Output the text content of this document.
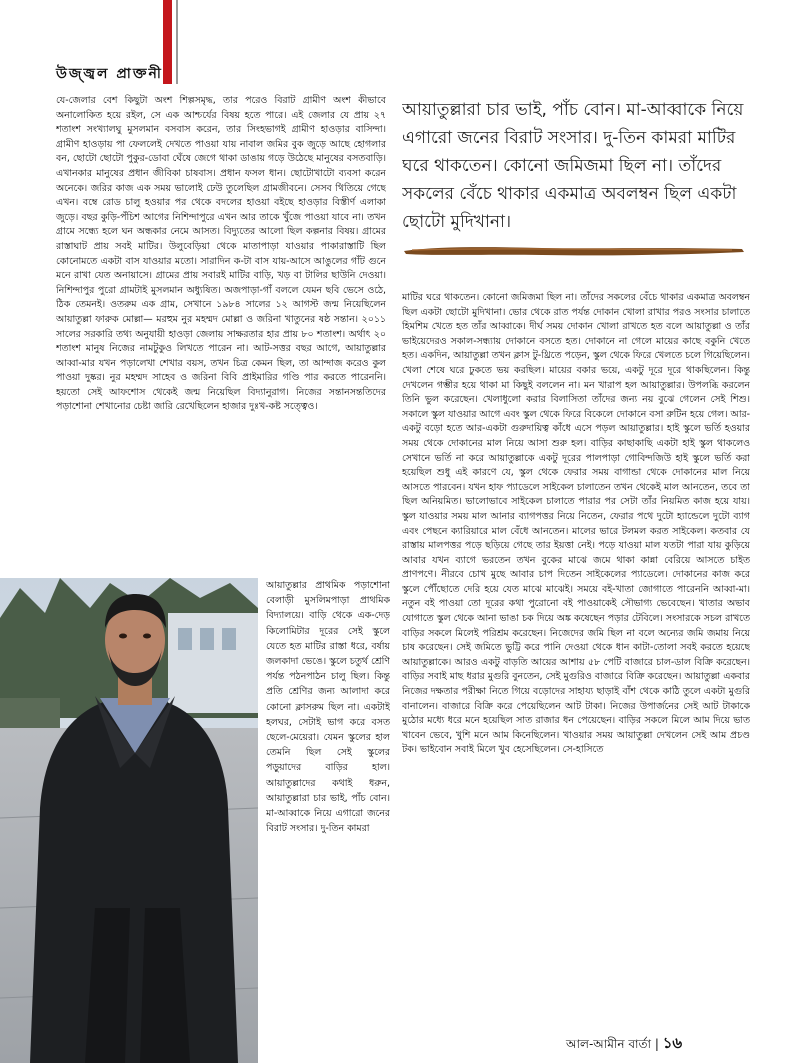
উজ্জ্বল প্রাক্তনী

যে-জেলার বেশ কিছুটা অংশ শিল্পসমৃদ্ধ, তার পরেও বিরাট গ্রামীণ অংশ কীভাবে অনালোকিত হয়ে রইল, সে এক আশ্চর্যের বিষয় হতে পারে। এই জেলার যে প্রায় ২৭ শতাংশ সংখ্যালঘু মুসলমান বসবাস করেন, তার সিংহভাগই গ্রামীণ হাওড়ার বাসিন্দা। গ্রামীণ হাওড়ায় পা ফেললেই দেখতে পাওয়া যায় নাবাল জমির বুক জুড়ে আছে হোগলার বন, ছোটো ছোটো পুকুর-ডোবা ঘেঁষে জেগে থাকা ডাঙায় গড়ে উঠেছে মানুষের বসতবাড়ি। এখানকার মানুষের প্রধান জীবিকা চাষবাস। প্রধান ফসল ধান। ছোটোখাটো ব্যবসা করেন অনেকে। জরির কাজ এক সময় ভালোই ঢেউ তুলেছিল গ্রামজীবনে। সেসব থিতিয়ে গেছে এখন। বম্বে রোড চালু হওয়ার পর থেকে বদলের হাওয়া বইছে হাওড়ার বিস্তীর্ণ এলাকা জুড়ে। বছর কুড়ি-পঁচিশ আগের নিশিন্দাপুরে এখন আর তাকে খুঁজে পাওয়া যাবে না। তখন গ্রামে সন্ধ্যে হলে ঘন অন্ধকার নেমে আসত। বিদ্যুতের আলো ছিল কল্পনার বিষয়। গ্রামের রাস্তাঘাট প্রায় সবই মাটির। উলুবেড়িয়া থেকে মাতাপাড়া যাওয়ার পাকারাস্তাটি ছিল কোনোমতে একটা বাস যাওয়ার মতো। সারাদিন ক-টা বাস যায়-আসে আঙুলের গাঁট গুনে মনে রাখা যেত অনায়াসে। গ্রামের প্রায় সবারই মাটির বাড়ি, খড় বা টালির ছাউনি দেওয়া। নিশিন্দাপুর পুরো গ্রামটাই মুসলমান অধ্যুষিত। অজপাড়া-গাঁ বললে যেমন ছবি ভেসে ওঠে, ঠিক তেমনই। ওতরুম এক গ্রাম, সেখানে ১৯৮৪ সালের ১২ আগস্ট জন্ম নিয়েছিলেন আয়াতুল্লা ফারুক মোল্লা— মরহুম নুর মহম্মদ মোল্লা ও জরিনা খাতুনের ষষ্ঠ সন্তান। ২০১১ সালের সরকারি তথ্য অনুযায়ী হাওড়া জেলায় সাক্ষরতার হার প্রায় ৮০ শতাংশ। অর্থাৎ ২০ শতাংশ মানুষ নিজের নামটুকুও লিখতে পারেন না। আট-সত্তর বছর আগে, আয়াতুল্লার আব্বা-মার যখন পড়ালেখা শেখার বয়স, তখন চিত্র কেমন ছিল, তা আন্দাজ করেও কুল পাওয়া দুষ্কর। নুর মহম্মদ সাহেব ও জরিনা বিবি প্রাইমারির গণ্ডি পার করতে পারেননি। হয়তো সেই আফশোস থেকেই জন্ম নিয়েছিল বিদ্যানুরাগ। নিজের সন্তানসন্ততিদের পড়াশোনা শেখানোর চেষ্টা জারি রেখেছিলেন হাজার দুঃখ-কষ্ট সত্ত্বেও।

আয়াতুল্লারা চার ভাই, পাঁচ বোন। মা-আব্বাকে নিয়ে এগারো জনের বিরাট সংসার। দু-তিন কামরা মাটির ঘরে থাকতেন। কোনো জমিজমা ছিল না। তাঁদের সকলের বেঁচে থাকার একমাত্র অবলম্বন ছিল একটা ছোটো মুদিখানা।

মাটির ঘরে থাকতেন। কোনো জমিজমা ছিল না। তাঁদের সকলের বেঁচে থাকার একমাত্র অবলম্বন ছিল একটা ছোটো মুদিখানা। ভোর থেকে রাত পর্যন্ত দোকান খোলা রাখার পরও সংসার চালাতে হিমশিম খেতে হত তাঁর আব্বাকে। দীর্ঘ সময় দোকান খোলা রাখতে হত বলে আয়াতুল্লা ও তাঁর ভাইয়েদেরও সকাল-সন্ধ্যায় দোকানে বসতে হত। দোকানে না গেলে মায়ের কাছে বকুনি খেতে হত। একদিন, আয়াতুল্লা তখন ক্লাস টু-থ্রিতে পড়েন, স্কুল থেকে ফিরে খেলতে চলে গিয়েছিলেন। খেলা শেষে ঘরে ঢুকতে ভয় করছিল। মায়ের বকার ভয়ে, একটু দূরে দূরে থাকছিলেন। কিন্তু দেখলেন গম্ভীর হয়ে থাকা মা কিছুই বললেন না। মন খারাপ হল আয়াতুল্লার। উপলব্ধি করলেন তিনি ভুল করেছেন। খেলাধুলো করার বিলাসিতা তাঁদের জন্য নয় বুঝে গেলেন সেই শিশু। সকালে স্কুল যাওয়ার আগে এবং স্কুল থেকে ফিরে বিকেলে দোকানে বসা রুটিন হয়ে গেল। আর-একটু বড়ো হতে আর-একটা গুরুদায়িত্ব কাঁধে এসে পড়ল আয়াতুল্লার। হাই স্কুলে ভর্তি হওয়ার সময় থেকে দোকানের মাল নিয়ে আসা শুরু হল। বাড়ির কাছাকাছি একটা হাই স্কুল থাকলেও সেখানে ভর্তি না করে আয়াতুল্লাকে একটু দূরের পালপাড়া গোবিন্দজিউ হাই স্কুলে ভর্তি করা হয়েছিল শুধু এই কারণে যে, স্কুল থেকে ফেরার সময় বাগান্ডা থেকে দোকানের মাল নিয়ে আসতে পারবেন। যখন হাফ প্যাডেলে সাইকেল চালাতেন তখন থেকেই মাল আনতেন, তবে তা ছিল অনিয়মিত। ভালোভাবে সাইকেল চালাতে পারার পর সেটা তাঁর নিয়মিত কাজ হয়ে যায়। স্কুল যাওয়ার সময় মাল আনার ব্যাগপত্তর নিয়ে নিতেন, ফেরার পথে দুটো হ্যান্ডেলে দুটো ব্যাগ এবং পেছনে ক্যারিয়ারে মাল বেঁধে আনতেন। মালের ভারে টলমল করত সাইকেল। কতবার যে রাস্তায় মালপত্তর পড়ে ছড়িয়ে গেছে তার ইয়ত্তা নেই। পড়ে যাওয়া মাল যতটা পারা যায় কুড়িয়ে আবার যখন ব্যাগে ভরতেন তখন বুকের মাঝে জমে থাকা কান্না বেরিয়ে আসতে চাইত প্রাণপণে। নীরবে চোখ মুছে আবার চাপ দিতেন সাইকেলের প্যাডেলে। দোকানের কাজ করে স্কুলে পৌঁছোতে দেরি হয়ে যেত মাঝে মাঝেই। সময়ে বই-খাতা জোগাতে পারেননি আব্বা-মা। নতুন বই পাওয়া তো দূরের কথা পুরোনো বই পাওয়াকেই সৌভাগ্য ভেবেছেন। খাতার অভাব যোগাতে স্কুল থেকে আনা ভাঙা চক দিয়ে অঙ্ক কষেছেন পড়ার টেবিলে। সংসারকে সচল রাখতে বাড়ির সকলে মিলেই পরিশ্রম করেছেন। নিজেদের জমি ছিল না বলে অন্যের জমি জমায় নিয়ে চাষ করেছেন। সেই জমিতে ভুট্টি করে পানি দেওয়া থেকে ধান কাটা-তোলা সবই করতে হয়েছে আয়াতুল্লাকে। আরও একটু বাড়তি আয়ের আশায় ৫৮ পেটি বাজারে চাল-ডাল বিক্রি করেছেন। বাড়ির সবাই মাছ ধরার মুগুরি বুনতেন, সেই মুগুরিও বাজারে বিক্রি করেছেন। আয়াতুল্লা একবার নিজের দক্ষতার পরীক্ষা নিতে গিয়ে বড়োদের সাহায্য ছাড়াই বাঁশ থেকে কাঠি তুলে একটা মুগুরি বানালেন। বাজারে বিক্রি করে পেয়েছিলেন আট টাকা। নিজের উপার্জনের সেই আট টাকাকে মুঠোর মধ্যে ধরে মনে হয়েছিল সাত রাজার ধন পেয়েছেন। বাড়ির সকলে মিলে আম দিয়ে ভাত খাবেন ভেবে, খুশি মনে আম কিনেছিলেন। খাওয়ার সময় আয়াতুল্লা দেখলেন সেই আম প্রচণ্ড টক। ভাইবোন সবাই মিলে খুব হেসেছিলেন। সে-হাসিতে

আয়াতুল্লার প্রাথমিক পড়াশোনা বেলাড়ী মুসলিমপাড়া প্রাথমিক বিদ্যালয়ে। বাড়ি থেকে এক-দেড় কিলোমিটার দূরের সেই স্কুলে যেতে হত মাটির রাস্তা ধরে, বর্ষায় জলকাদা ভেঙে। স্কুলে চতুর্থ শ্রেণি পর্যন্ত পঠনপাঠন চালু ছিল। কিন্তু প্রতি শ্রেণির জন্য আলাদা করে কোনো ক্লাসরুম ছিল না। একটাই হলঘর, সেটাই ভাগ করে বসত ছেলে-মেয়েরা। যেমন স্কুলের হাল তেমনি ছিল সেই স্কুলের পড়ুয়াদের বাড়ির হাল। আয়াতুল্লাদের কথাই ধরুন, আয়াতুল্লারা চার ভাই, পাঁচ বোন। মা-আব্বাকে নিয়ে এগারো জনের বিরাট সংসার। দু-তিন কামরা

আল-আমীন বার্তা | ১৬
